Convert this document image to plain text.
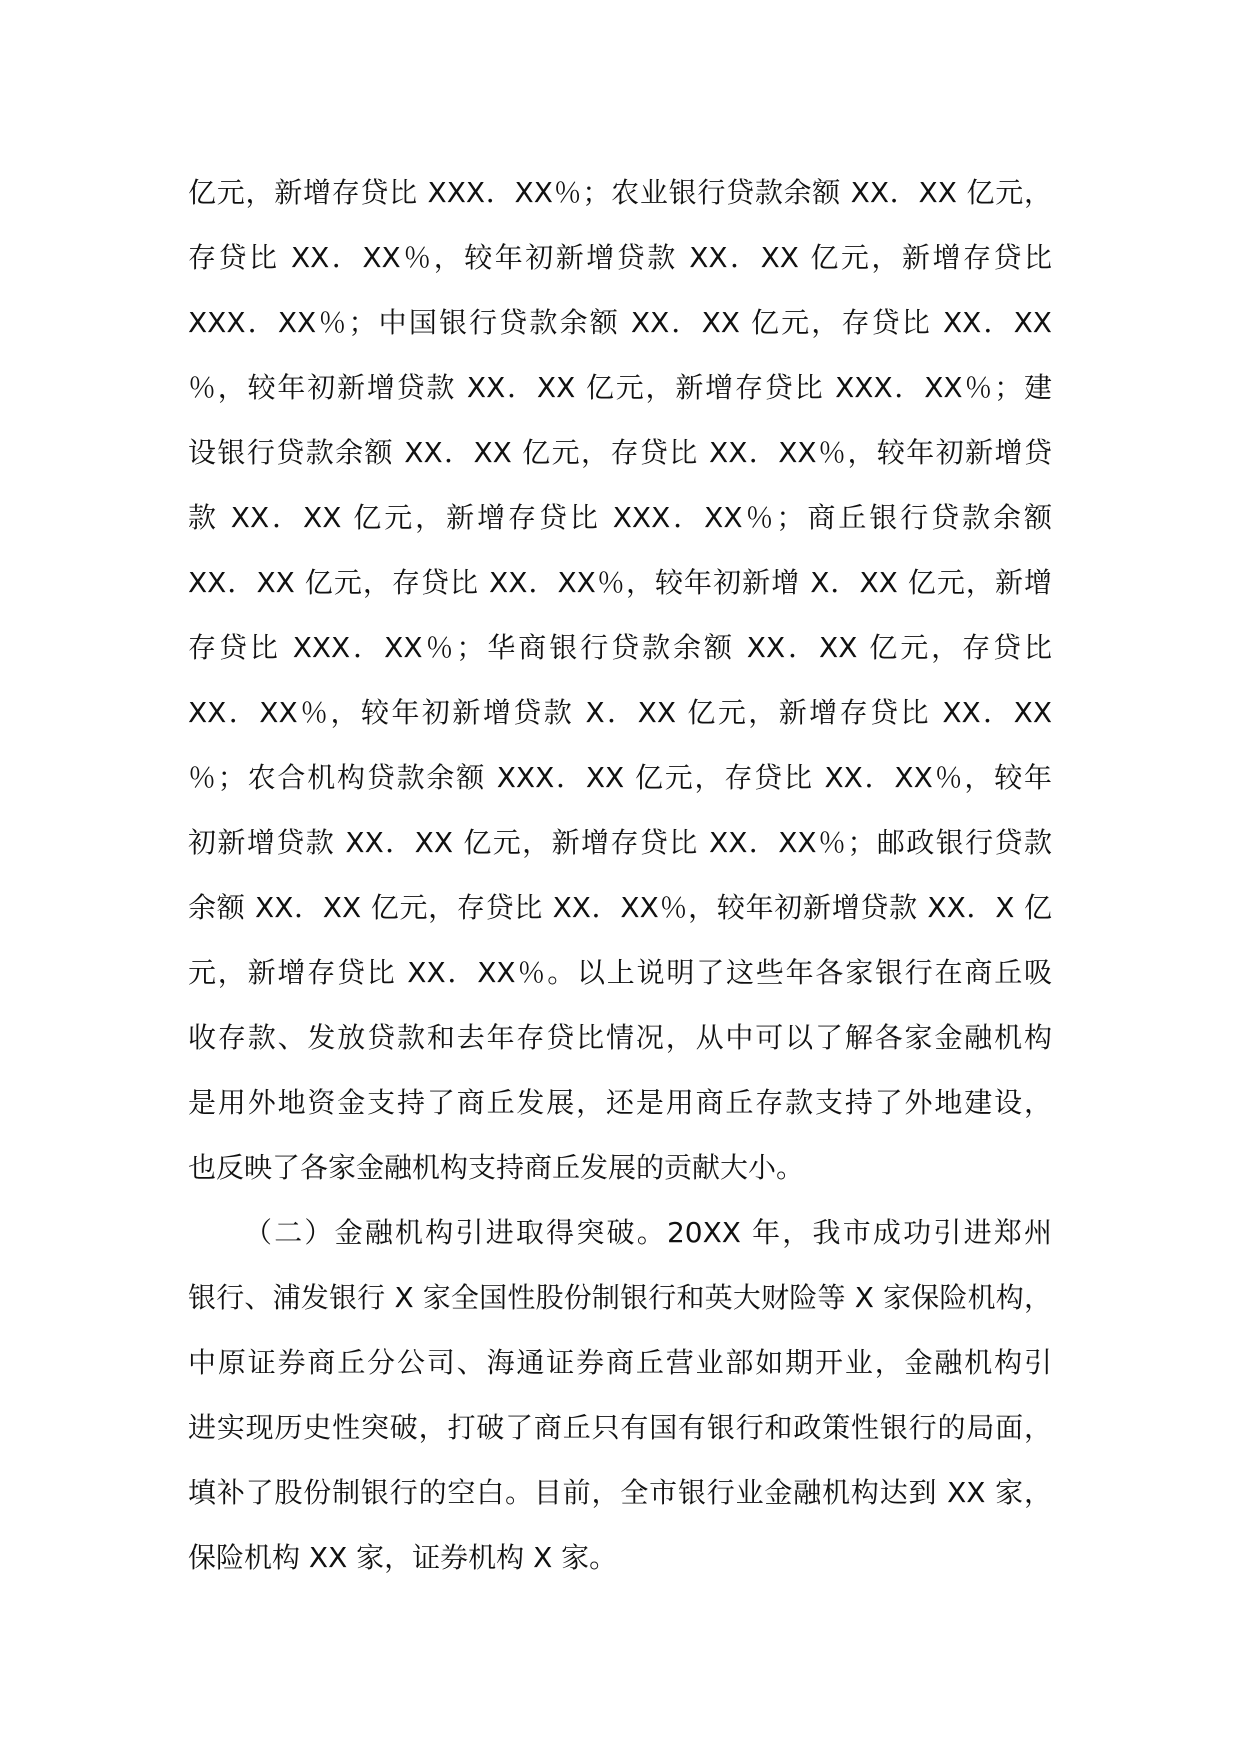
亿元，新增存贷比 XXX．XX％；农业银行贷款余额 XX．XX 亿元，
存贷比 XX．XX％，较年初新增贷款 XX．XX 亿元，新增存贷比
XXX．XX％；中国银行贷款余额 XX．XX 亿元，存贷比 XX．XX
％，较年初新增贷款 XX．XX 亿元，新增存贷比 XXX．XX％；建
设银行贷款余额 XX．XX 亿元，存贷比 XX．XX％，较年初新增贷
款 XX．XX 亿元，新增存贷比 XXX．XX％；商丘银行贷款余额
XX．XX 亿元，存贷比 XX．XX％，较年初新增 X．XX 亿元，新增
存贷比 XXX．XX％；华商银行贷款余额 XX．XX 亿元，存贷比
XX．XX％，较年初新增贷款 X．XX 亿元，新增存贷比 XX．XX
％；农合机构贷款余额 XXX．XX 亿元，存贷比 XX．XX％，较年
初新增贷款 XX．XX 亿元，新增存贷比 XX．XX％；邮政银行贷款
余额 XX．XX 亿元，存贷比 XX．XX％，较年初新增贷款 XX．X 亿
元，新增存贷比 XX．XX％。以上说明了这些年各家银行在商丘吸
收存款、发放贷款和去年存贷比情况，从中可以了解各家金融机构
是用外地资金支持了商丘发展，还是用商丘存款支持了外地建设，
也反映了各家金融机构支持商丘发展的贡献大小。
（二）金融机构引进取得突破。20XX 年，我市成功引进郑州
银行、浦发银行 X 家全国性股份制银行和英大财险等 X 家保险机构，
中原证券商丘分公司、海通证券商丘营业部如期开业，金融机构引
进实现历史性突破，打破了商丘只有国有银行和政策性银行的局面，
填补了股份制银行的空白。目前，全市银行业金融机构达到 XX 家，
保险机构 XX 家，证券机构 X 家。
